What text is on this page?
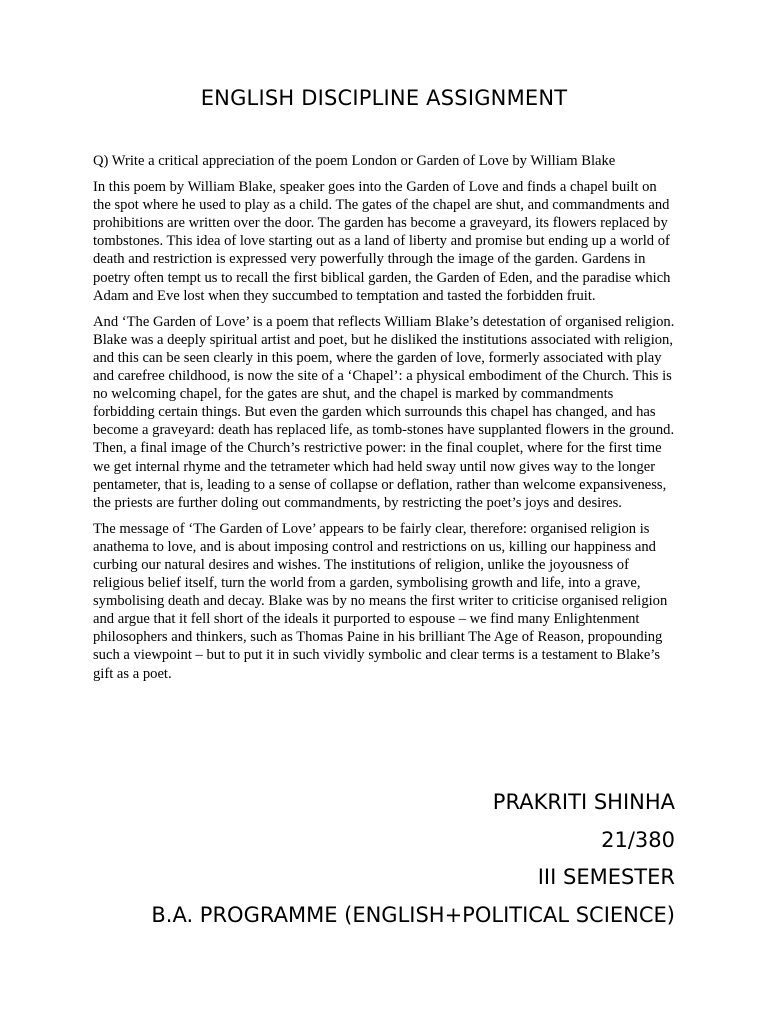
ENGLISH DISCIPLINE ASSIGNMENT

Q) Write a critical appreciation of the poem London or Garden of Love by William Blake

In this poem by William Blake, speaker goes into the Garden of Love and finds a chapel built on the spot where he used to play as a child. The gates of the chapel are shut, and commandments and prohibitions are written over the door. The garden has become a graveyard, its flowers replaced by tombstones. This idea of love starting out as a land of liberty and promise but ending up a world of death and restriction is expressed very powerfully through the image of the garden. Gardens in poetry often tempt us to recall the first biblical garden, the Garden of Eden, and the paradise which Adam and Eve lost when they succumbed to temptation and tasted the forbidden fruit.

And ‘The Garden of Love’ is a poem that reflects William Blake’s detestation of organised religion. Blake was a deeply spiritual artist and poet, but he disliked the institutions associated with religion, and this can be seen clearly in this poem, where the garden of love, formerly associated with play and carefree childhood, is now the site of a ‘Chapel’: a physical embodiment of the Church. This is no welcoming chapel, for the gates are shut, and the chapel is marked by commandments forbidding certain things. But even the garden which surrounds this chapel has changed, and has become a graveyard: death has replaced life, as tomb-stones have supplanted flowers in the ground. Then, a final image of the Church’s restrictive power: in the final couplet, where for the first time we get internal rhyme and the tetrameter which had held sway until now gives way to the longer pentameter, that is, leading to a sense of collapse or deflation, rather than welcome expansiveness, the priests are further doling out commandments, by restricting the poet’s joys and desires.

The message of ‘The Garden of Love’ appears to be fairly clear, therefore: organised religion is anathema to love, and is about imposing control and restrictions on us, killing our happiness and curbing our natural desires and wishes. The institutions of religion, unlike the joyousness of religious belief itself, turn the world from a garden, symbolising growth and life, into a grave, symbolising death and decay. Blake was by no means the first writer to criticise organised religion and argue that it fell short of the ideals it purported to espouse – we find many Enlightenment philosophers and thinkers, such as Thomas Paine in his brilliant The Age of Reason, propounding such a viewpoint – but to put it in such vividly symbolic and clear terms is a testament to Blake’s gift as a poet.

PRAKRITI SHINHA
21/380
III SEMESTER
B.A. PROGRAMME (ENGLISH+POLITICAL SCIENCE)
